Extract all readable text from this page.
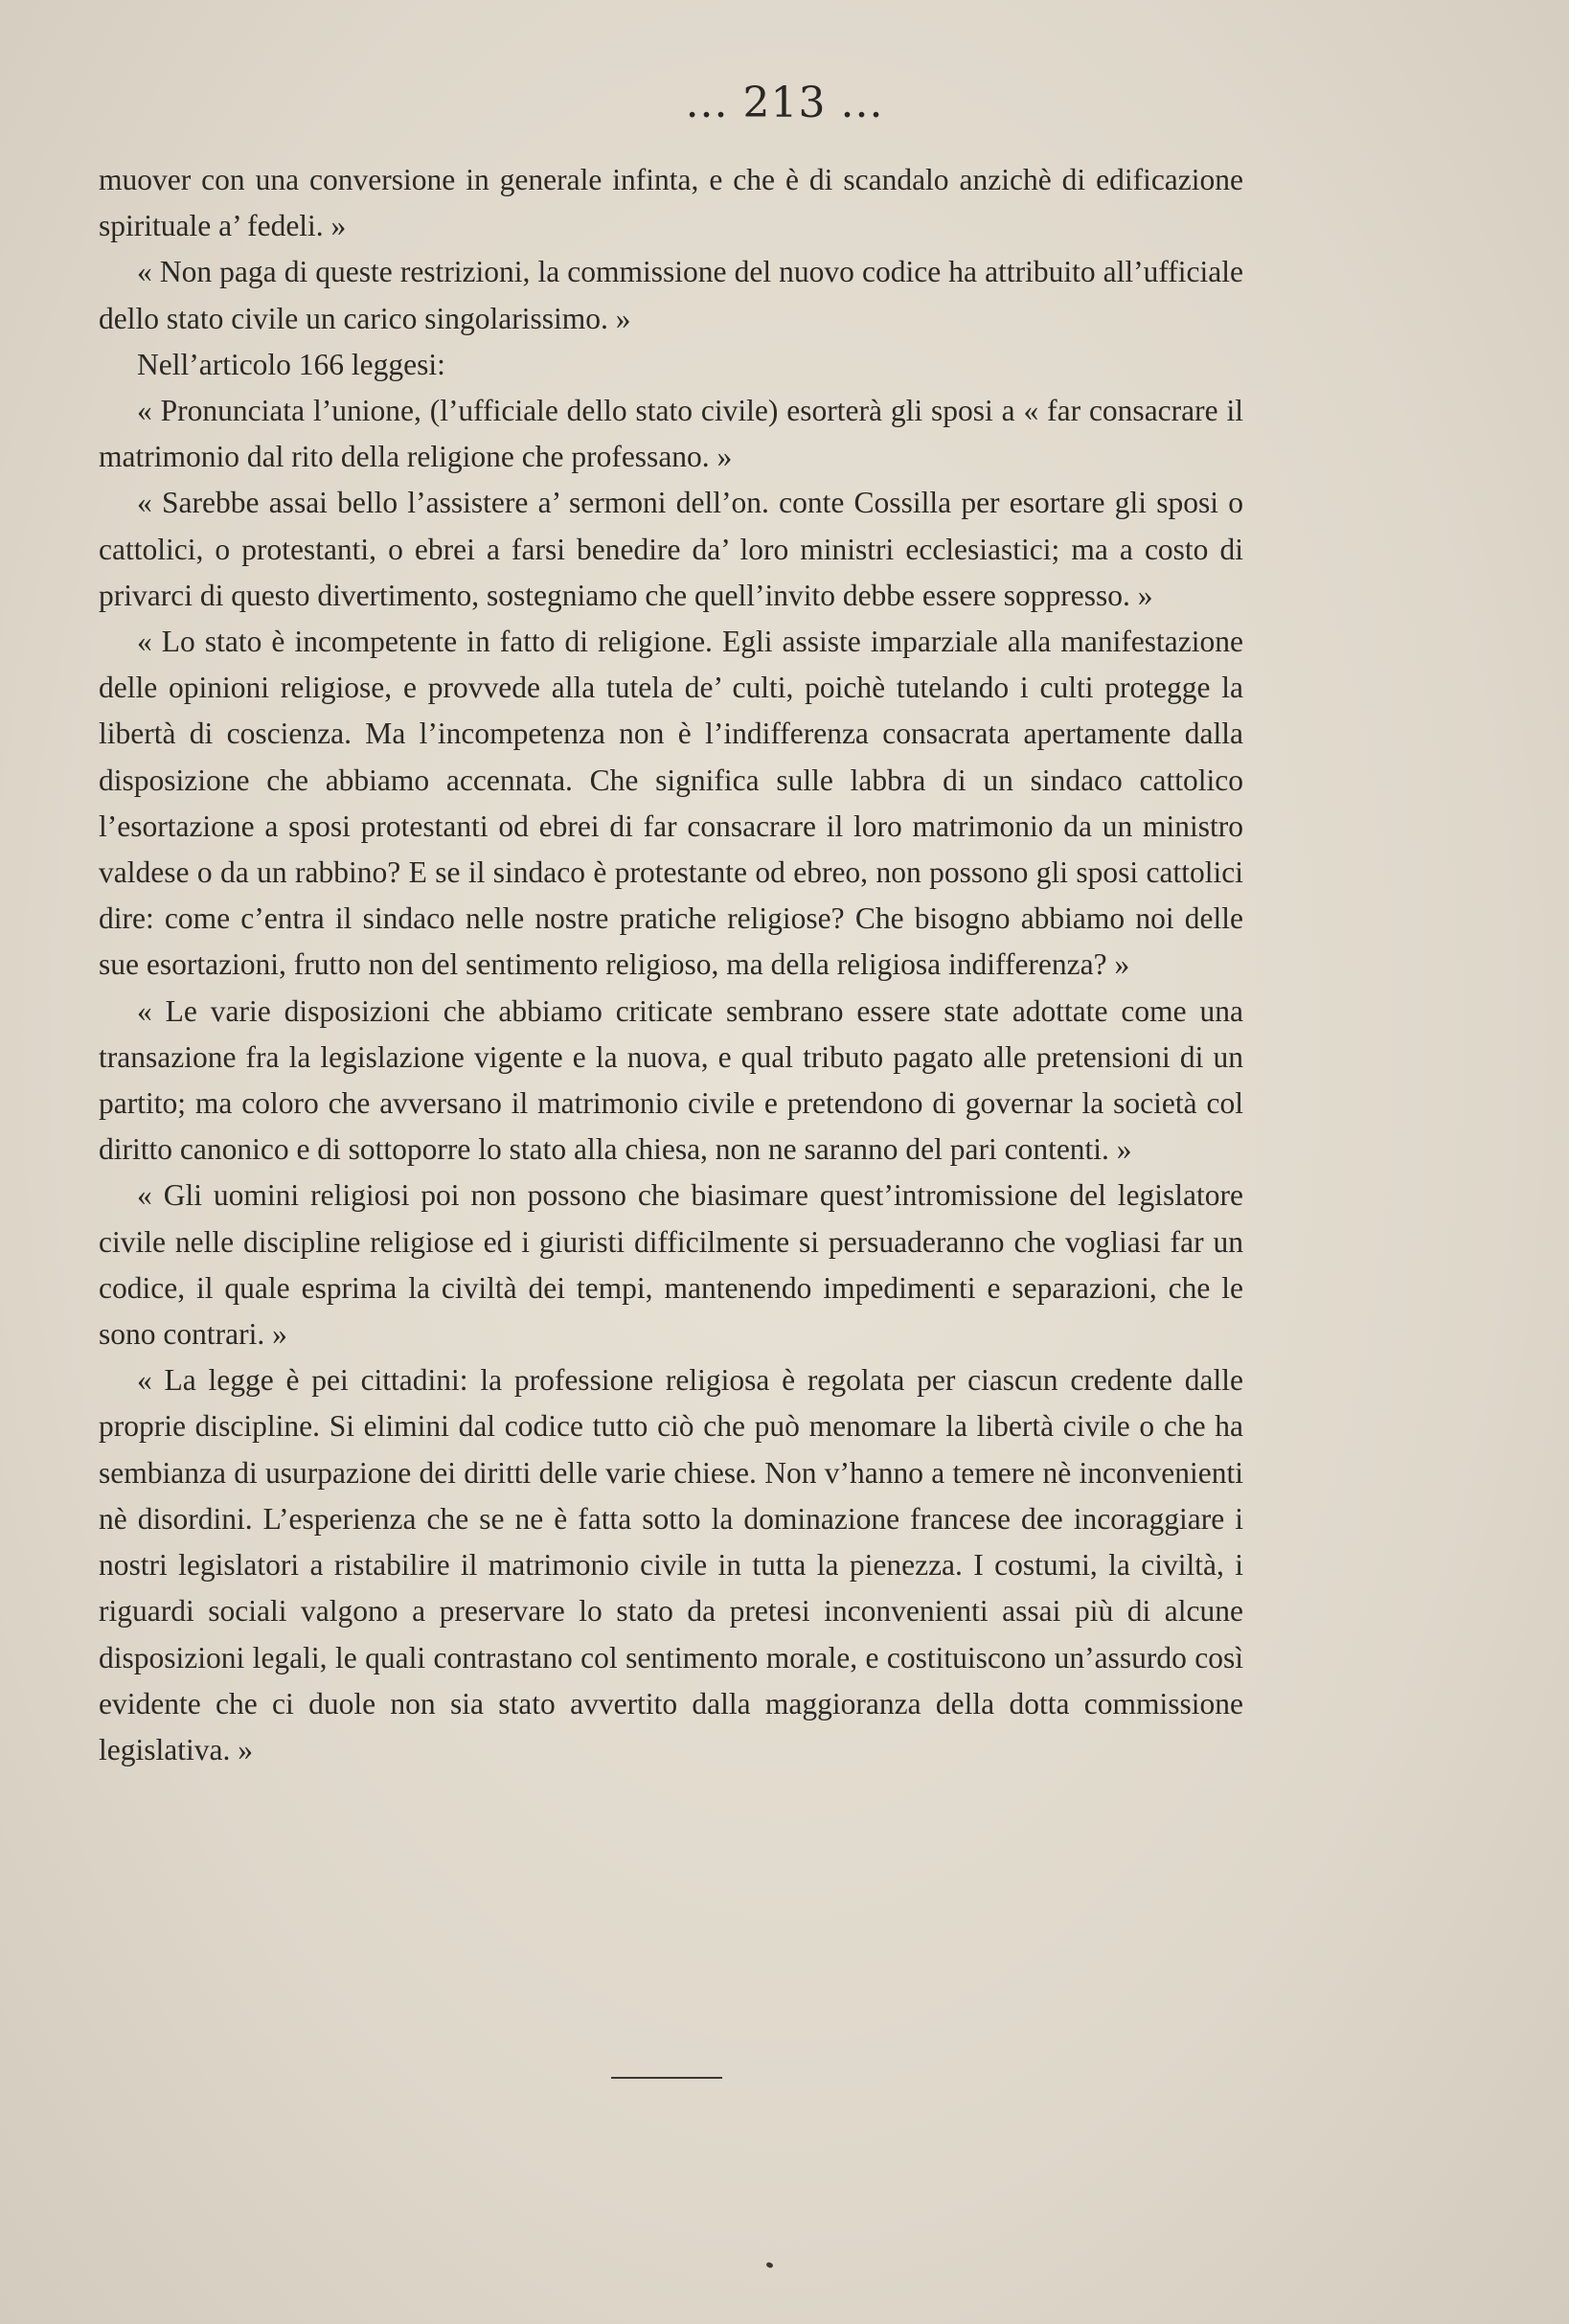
... 213 ...

muover con una conversione in generale infinta, e che è di scandalo anzichè di edificazione spirituale a’ fedeli. »

« Non paga di queste restrizioni, la commissione del nuovo codice ha attribuito all’ufficiale dello stato civile un carico singolarissimo. »

Nell’articolo 166 leggesi:

« Pronunciata l’unione, (l’ufficiale dello stato civile) esorterà gli sposi a « far consacrare il matrimonio dal rito della religione che professano. »

« Sarebbe assai bello l’assistere a’ sermoni dell’on. conte Cossilla per esortare gli sposi o cattolici, o protestanti, o ebrei a farsi benedire da’ loro ministri ecclesiastici; ma a costo di privarci di questo divertimento, sostegniamo che quell’invito debbe essere soppresso. »

« Lo stato è incompetente in fatto di religione. Egli assiste imparziale alla manifestazione delle opinioni religiose, e provvede alla tutela de’ culti, poichè tutelando i culti protegge la libertà di coscienza. Ma l’incompetenza non è l’indifferenza consacrata apertamente dalla disposizione che abbiamo accennata. Che significa sulle labbra di un sindaco cattolico l’esortazione a sposi protestanti od ebrei di far consacrare il loro matrimonio da un ministro valdese o da un rabbino? E se il sindaco è protestante od ebreo, non possono gli sposi cattolici dire: come c’entra il sindaco nelle nostre pratiche religiose? Che bisogno abbiamo noi delle sue esortazioni, frutto non del sentimento religioso, ma della religiosa indifferenza? »

« Le varie disposizioni che abbiamo criticate sembrano essere state adottate come una transazione fra la legislazione vigente e la nuova, e qual tributo pagato alle pretensioni di un partito; ma coloro che avversano il matrimonio civile e pretendono di governar la società col diritto canonico e di sottoporre lo stato alla chiesa, non ne saranno del pari contenti. »

« Gli uomini religiosi poi non possono che biasimare quest’intromissione del legislatore civile nelle discipline religiose ed i giuristi difficilmente si persuaderanno che vogliasi far un codice, il quale esprima la civiltà dei tempi, mantenendo impedimenti e separazioni, che le sono contrari. »

« La legge è pei cittadini: la professione religiosa è regolata per ciascun credente dalle proprie discipline. Si elimini dal codice tutto ciò che può menomare la libertà civile o che ha sembianza di usurpazione dei diritti delle varie chiese. Non v’hanno a temere nè inconvenienti nè disordini. L’esperienza che se ne è fatta sotto la dominazione francese dee incoraggiare i nostri legislatori a ristabilire il matrimonio civile in tutta la pienezza. I costumi, la civiltà, i riguardi sociali valgono a preservare lo stato da pretesi inconvenienti assai più di alcune disposizioni legali, le quali contrastano col sentimento morale, e costituiscono un’assurdo così evidente che ci duole non sia stato avvertito dalla maggioranza della dotta commissione legislativa. »
